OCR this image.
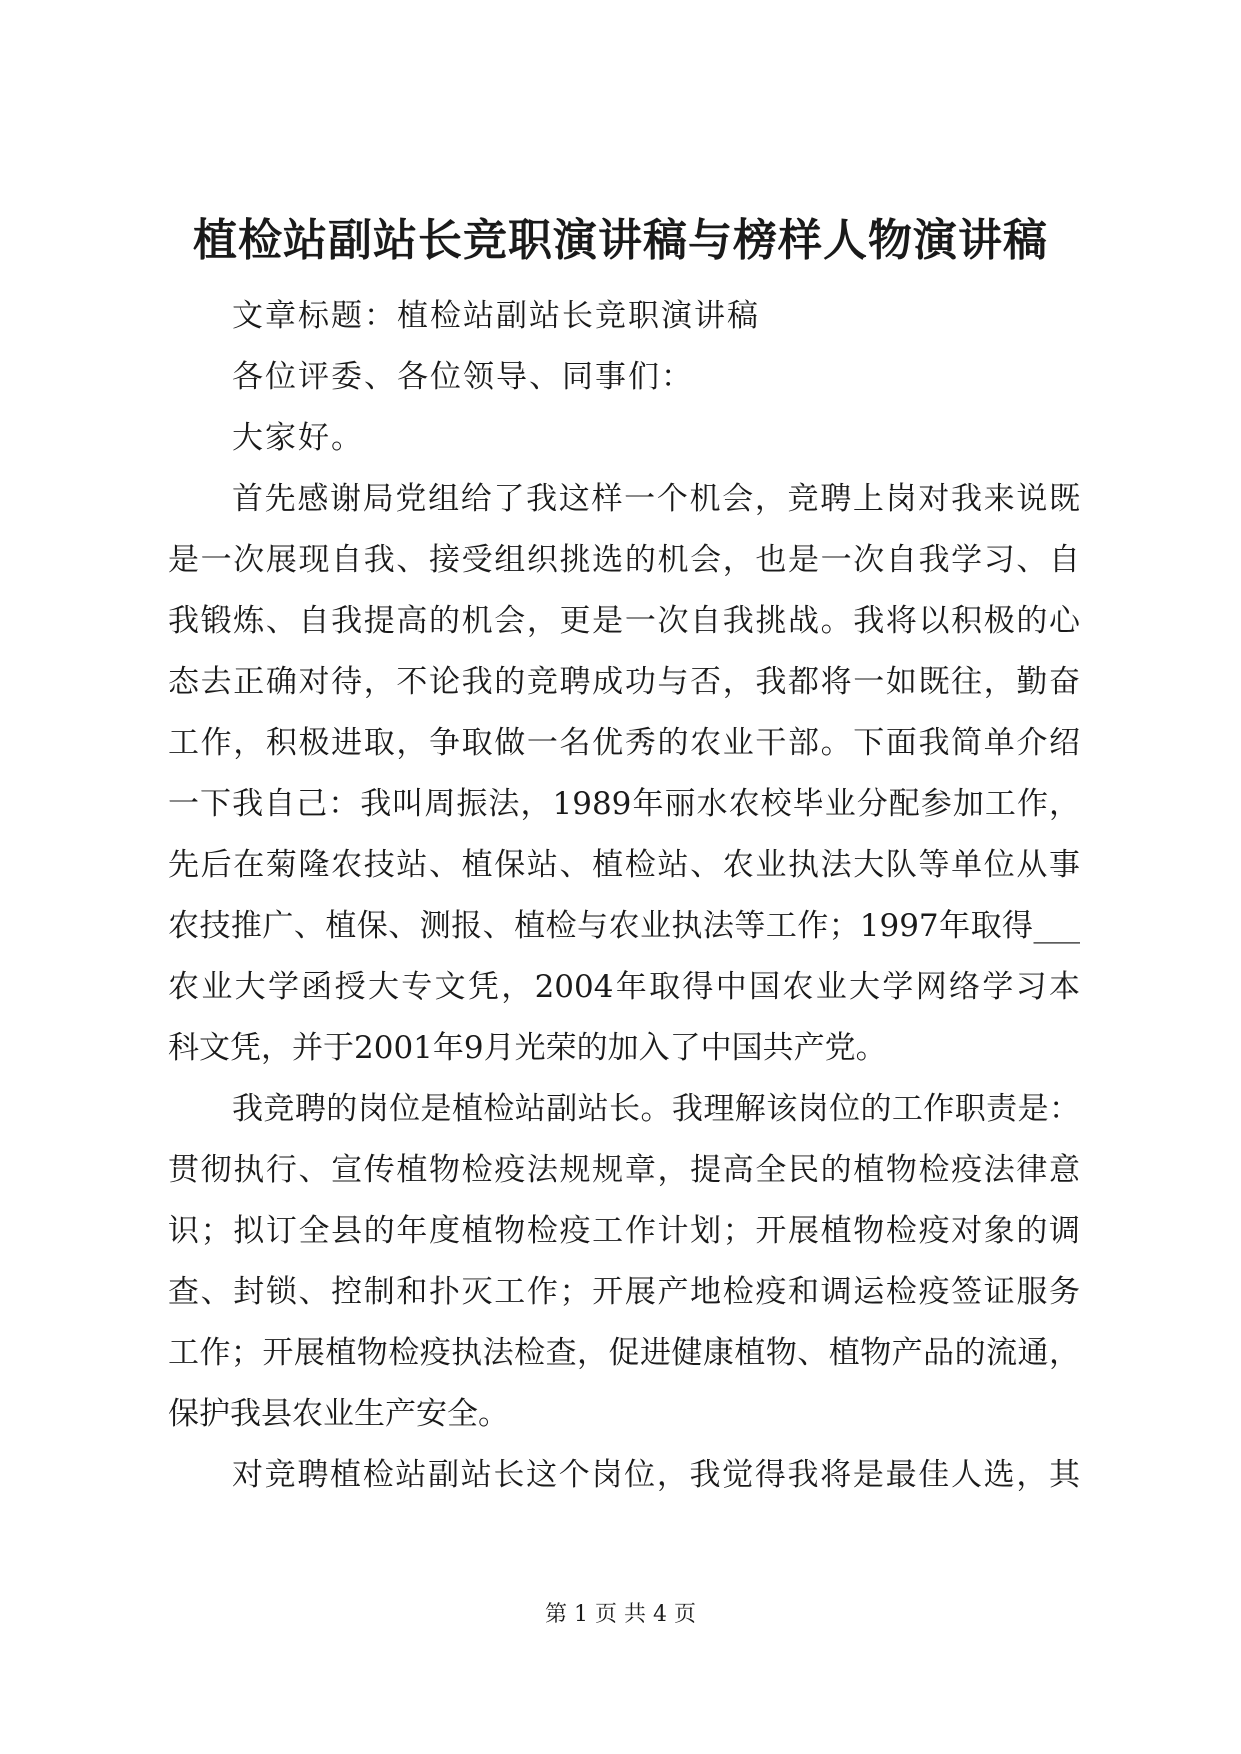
植检站副站长竞职演讲稿与榜样人物演讲稿

文章标题：植检站副站长竞职演讲稿

各位评委、各位领导、同事们：

大家好。

首先感谢局党组给了我这样一个机会，竞聘上岗对我来说既
是一次展现自我、接受组织挑选的机会，也是一次自我学习、自
我锻炼、自我提高的机会，更是一次自我挑战。我将以积极的心
态去正确对待，不论我的竞聘成功与否，我都将一如既往，勤奋
工作，积极进取，争取做一名优秀的农业干部。下面我简单介绍
一下我自己：我叫周振法，1989年丽水农校毕业分配参加工作，
先后在菊隆农技站、植保站、植检站、农业执法大队等单位从事
农技推广、植保、测报、植检与农业执法等工作；1997年取得___
农业大学函授大专文凭，2004年取得中国农业大学网络学习本
科文凭，并于2001年9月光荣的加入了中国共产党。
我竞聘的岗位是植检站副站长。我理解该岗位的工作职责是：
贯彻执行、宣传植物检疫法规规章，提高全民的植物检疫法律意
识；拟订全县的年度植物检疫工作计划；开展植物检疫对象的调
查、封锁、控制和扑灭工作；开展产地检疫和调运检疫签证服务
工作；开展植物检疫执法检查，促进健康植物、植物产品的流通，
保护我县农业生产安全。
对竞聘植检站副站长这个岗位，我觉得我将是最佳人选，其
第 1 页 共 4 页
